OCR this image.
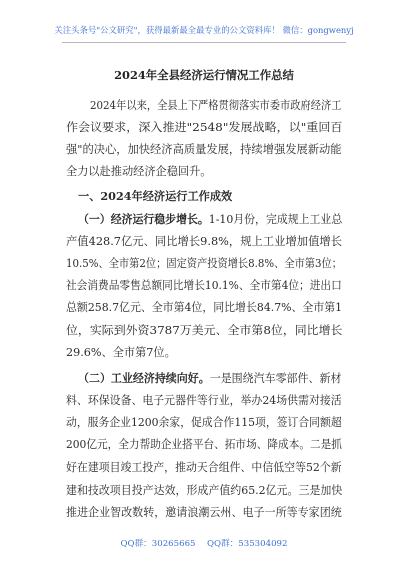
关注头条号"公文研究"，获得最新最全最专业的公文资料库！ 微信：gongwenyj
2024年全县经济运行情况工作总结
2024年以来，全县上下严格贯彻落实市委市政府经济工
作会议要求，深入推进"2548"发展战略，以"重回百
强"的决心，加快经济高质量发展，持续增强发展新动能
全力以赴推动经济企稳回升。
一、2024年经济运行工作成效
（一）经济运行稳步增长。1-10月份，完成规上工业总
产值428.7亿元、同比增长9.8%，规上工业增加值增长
10.5%、全市第2位；固定资产投资增长8.8%、全市第3位；
社会消费品零售总额同比增长10.1%、全市第4位；进出口
总额258.7亿元、全市第4位，同比增长84.7%、全市第1
位，实际到外资3787万美元、全市第8位，同比增长
29.6%、全市第7位。
（二）工业经济持续向好。一是围绕汽车零部件、新材
料、环保设备、电子元器件等行业，举办24场供需对接活
动，服务企业1200余家，促成合作115项，签订合同额超
200亿元，全力帮助企业搭平台、拓市场、降成本。二是抓
好在建项目竣工投产，推动天合组件、中信低空等52个新
建和技改项目投产达效，形成产值约65.2亿元。三是加快
推进企业智改数转，邀请浪潮云州、电子一所等专家团统
QQ群：30265665 QQ群：535304092
